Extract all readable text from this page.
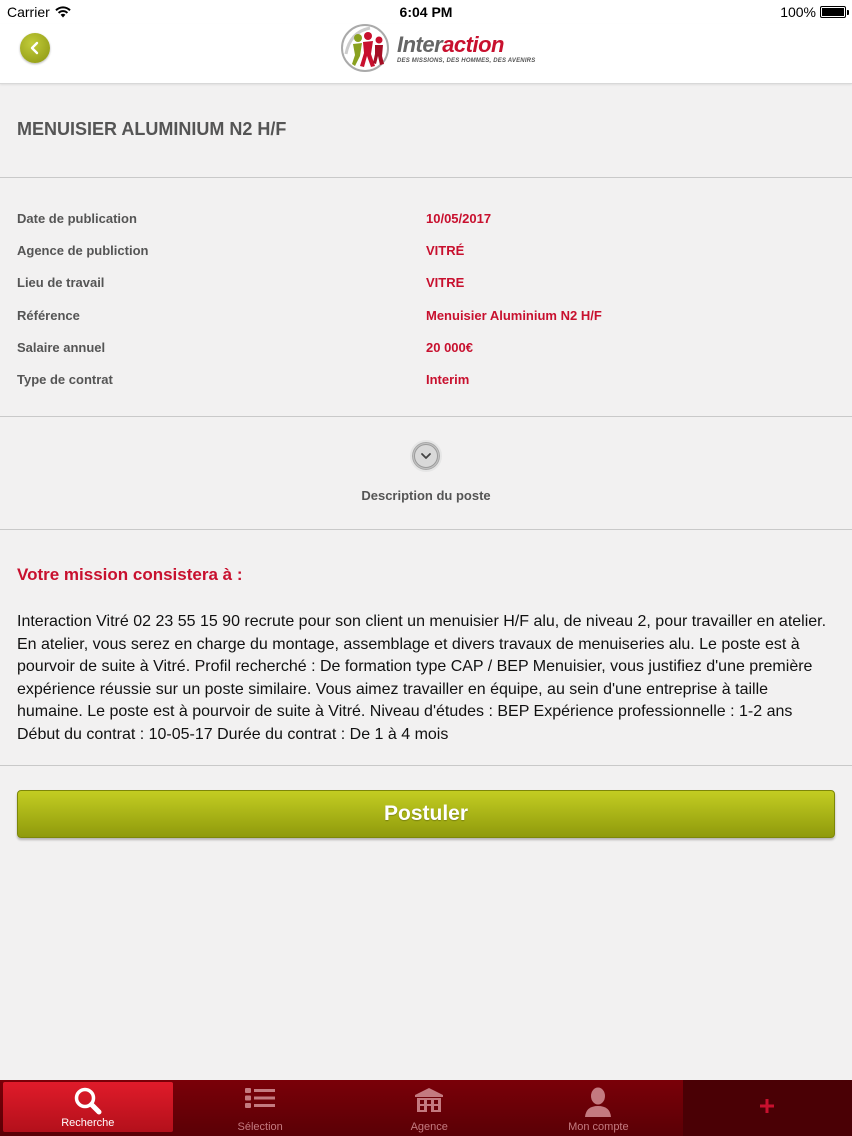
Carrier	6:04 PM	100%
Interaction
DES MISSIONS, DES HOMMES, DES AVENIRS
MENUISIER ALUMINIUM N2 H/F
Date de publication	10/05/2017
Agence de publiction	VITRÉ
Lieu de travail	VITRE
Référence	Menuisier Aluminium N2 H/F
Salaire annuel	20 000€
Type de contrat	Interim
Description du poste
Votre mission consistera à :
Interaction Vitré 02 23 55 15 90 recrute pour son client un menuisier H/F alu, de niveau 2, pour travailler en atelier. En atelier, vous serez en charge du montage, assemblage et divers travaux de menuiseries alu. Le poste est à pourvoir de suite à Vitré. Profil recherché : De formation type CAP / BEP Menuisier, vous justifiez d'une première expérience réussie sur un poste similaire. Vous aimez travailler en équipe, au sein d'une entreprise à taille humaine. Le poste est à pourvoir de suite à Vitré. Niveau d'études : BEP Expérience professionnelle : 1-2 ans Début du contrat : 10-05-17 Durée du contrat : De 1 à 4 mois
Postuler
Recherche	Sélection	Agence	Mon compte
